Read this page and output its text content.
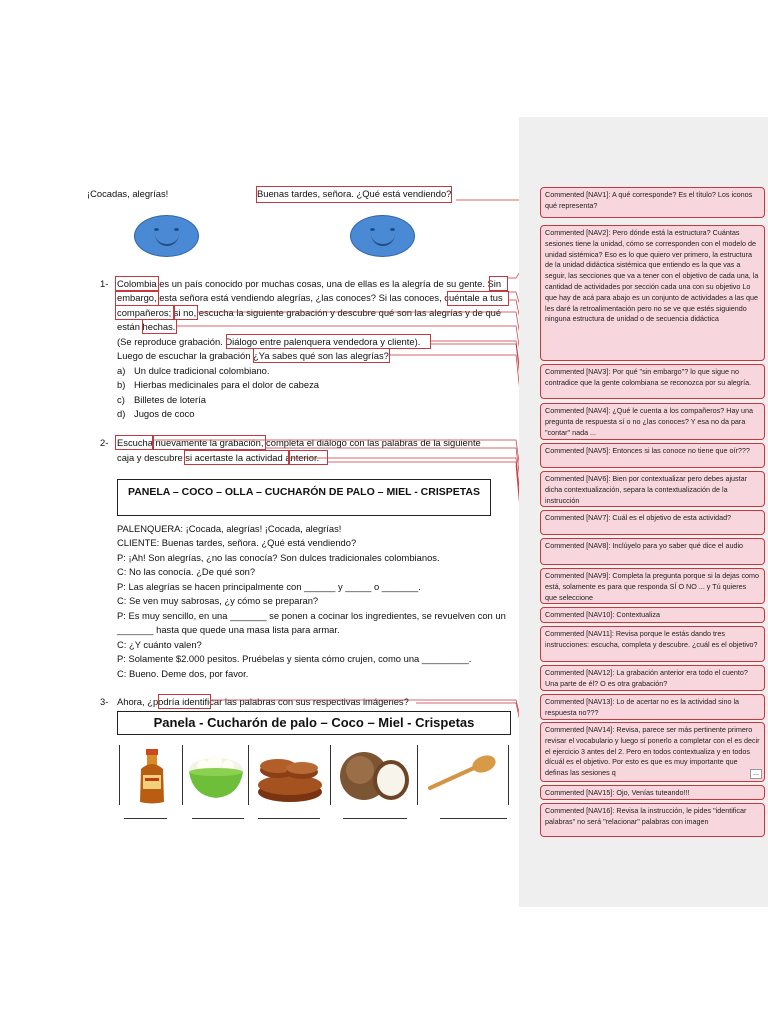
¡Cocadas, alegrías!	Buenas tardes, señora. ¿Qué está vendiendo?
1- Colombia es un país conocido por muchas cosas, una de ellas es la alegría de su gente. Sin
embargo, esta señora está vendiendo alegrías, ¿las conoces? Si las conoces, cuéntale a tus
compañeros; si no, escucha la siguiente grabación y descubre qué son las alegrías y de qué
están hechas.
(Se reproduce grabación. Diálogo entre palenquera vendedora y cliente).
Luego de escuchar la grabación ¿Ya sabes qué son las alegrías?
a) Un dulce tradicional colombiano.
b) Hierbas medicinales para el dolor de cabeza
c) Billetes de lotería
d) Jugos de coco
2- Escucha nuevamente la grabación, completa el diálogo con las palabras de la siguiente
caja y descubre si acertaste la actividad anterior.
PANELA – COCO – OLLA – CUCHARÓN DE PALO – MIEL - CRISPETAS
PALENQUERA: ¡Cocada, alegrías! ¡Cocada, alegrías!
CLIENTE: Buenas tardes, señora. ¿Qué está vendiendo?
P: ¡Ah! Son alegrías, ¿no las conocía? Son dulces tradicionales colombianos.
C: No las conocía. ¿De qué son?
P: Las alegrías se hacen principalmente con ______ y _____ o _______.
C: Se ven muy sabrosas, ¿y cómo se preparan?
P: Es muy sencillo, en una _______ se ponen a cocinar los ingredientes, se revuelven con un
_______ hasta que quede una masa lista para armar.
C: ¿Y cuánto valen?
P: Solamente $2.000 pesitos. Pruébelas y sienta cómo crujen, como una _________.
C: Bueno. Deme dos, por favor.
3- Ahora, ¿podría identificar las palabras con sus respectivas imágenes?
Panela - Cucharón de palo – Coco – Miel - Crispetas
Commented [NAV1]: A qué corresponde? Es el título? Los iconos qué representa?
Commented [NAV2]: Pero dónde está la estructura? Cuántas sesiones tiene la unidad, cómo se corresponden con el modelo de unidad sistémica? Eso es lo que quiero ver primero, la estructura de la unidad didáctica sistémica que entiendo es la que vas a seguir, las secciones que va a tener con el objetivo de cada una, la cantidad de actividades por sección cada una con su objetivo Lo que hay de acá para abajo es un conjunto de actividades a las que les daré la retroalimentación pero no se ve que estés siguiendo ninguna estructura de unidad o de secuencia didáctica
Commented [NAV3]: Por qué "sin embargo"? lo que sigue no contradice que la gente colombiana se reconozca por su alegría.
Commented [NAV4]: ¿Qué le cuenta a los compañeros? Hay una pregunta de respuesta sí o no ¿las conoces? Y esa no da para "contar" nada ...
Commented [NAV5]: Entonces si las conoce no tiene que oír???
Commented [NAV6]: Bien por contextualizar pero debes ajustar dicha contextualización, separa la contextualización de la instrucción
Commented [NAV7]: Cuál es el objetivo de esta actividad?
Commented [NAV8]: Inclúyelo para yo saber qué dice el audio
Commented [NAV9]: Completa la pregunta porque si la dejas como está, solamente es para que responda SÍ O NO ... y Tú quieres que seleccione
Commented [NAV10]: Contextualiza
Commented [NAV11]: Revisa porque le estás dando tres instrucciones: escucha, completa y descubre. ¿cuál es el objetivo?
Commented [NAV12]: La grabación anterior era todo el cuento? Una parte de él? O es otra grabación?
Commented [NAV13]: Lo de acertar no es la actividad sino la respuesta no???
Commented [NAV14]: Revisa, parece ser más pertinente primero revisar el vocabulario y luego sí ponerlo a completar con el es decir el ejercicio 3 antes del 2. Pero en todos contextualiza y en todos dícuál es el objetivo. Por esto es que es muy importante que definas las sesiones q	...
Commented [NAV15]: Ojo, Venías tuteando!!!
Commented [NAV16]: Revisa la instrucción, le pides "identificar palabras" no será "relacionar" palabras con imagen
